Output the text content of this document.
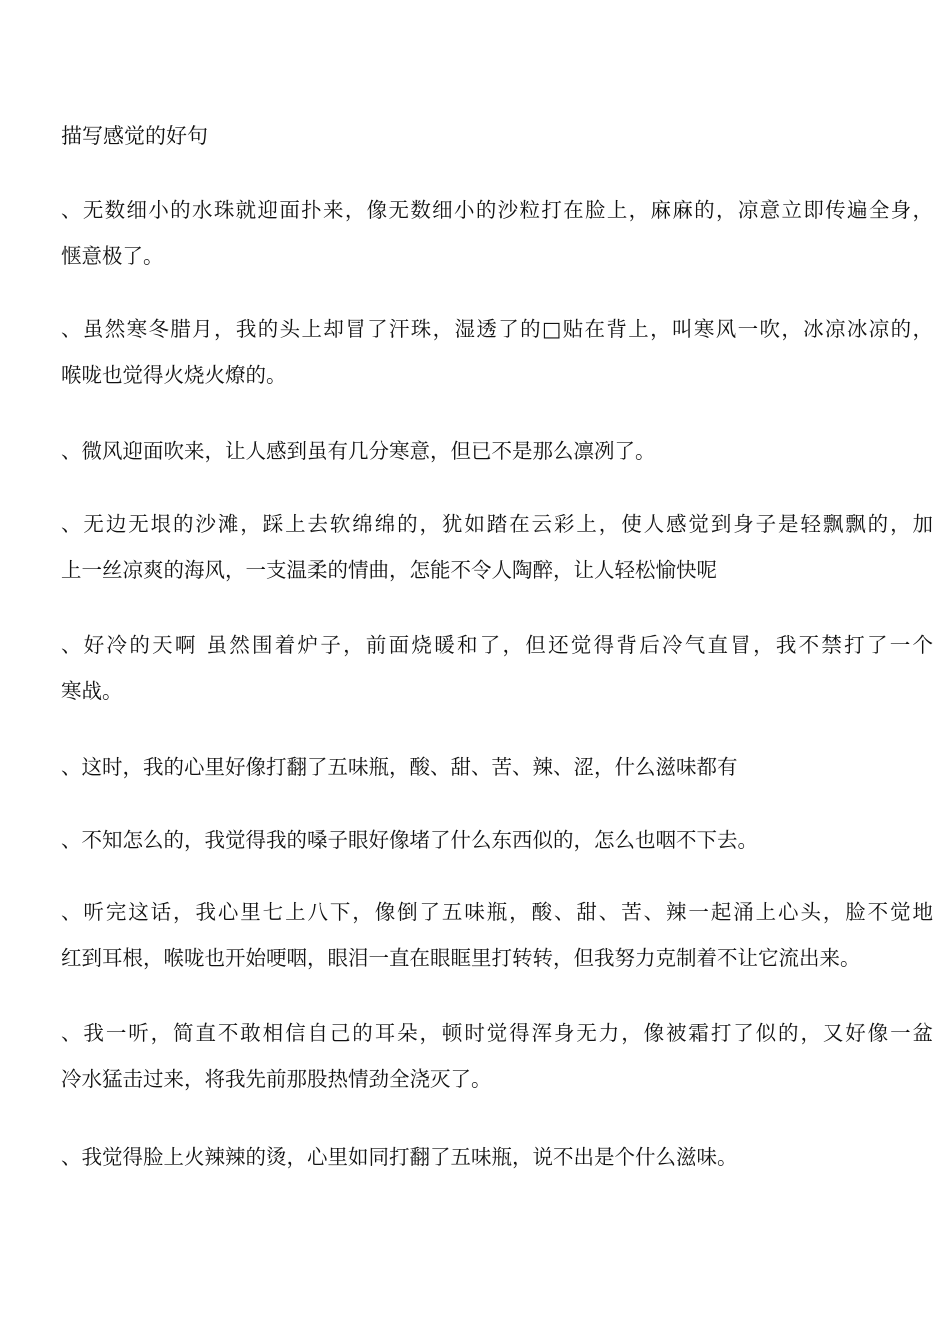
描写感觉的好句
、无数细小的水珠就迎面扑来，像无数细小的沙粒打在脸上，麻麻的，凉意立即传遍全身，
惬意极了。
、虽然寒冬腊月，我的头上却冒了汗珠，湿透了的□贴在背上，叫寒风一吹，冰凉冰凉的，
喉咙也觉得火烧火燎的。
、微风迎面吹来，让人感到虽有几分寒意，但已不是那么凛冽了。
、无边无垠的沙滩，踩上去软绵绵的，犹如踏在云彩上，使人感觉到身子是轻飘飘的，加
上一丝凉爽的海风，一支温柔的情曲，怎能不令人陶醉，让人轻松愉快呢
、好冷的天啊 虽然围着炉子，前面烧暖和了，但还觉得背后冷气直冒，我不禁打了一个
寒战。
、这时，我的心里好像打翻了五味瓶，酸、甜、苦、辣、涩，什么滋味都有
、不知怎么的，我觉得我的嗓子眼好像堵了什么东西似的，怎么也咽不下去。
、听完这话，我心里七上八下，像倒了五味瓶，酸、甜、苦、辣一起涌上心头，脸不觉地
红到耳根，喉咙也开始哽咽，眼泪一直在眼眶里打转转，但我努力克制着不让它流出来。
、我一听，简直不敢相信自己的耳朵，顿时觉得浑身无力，像被霜打了似的，又好像一盆
冷水猛击过来，将我先前那股热情劲全浇灭了。
、我觉得脸上火辣辣的烫，心里如同打翻了五味瓶，说不出是个什么滋味。
